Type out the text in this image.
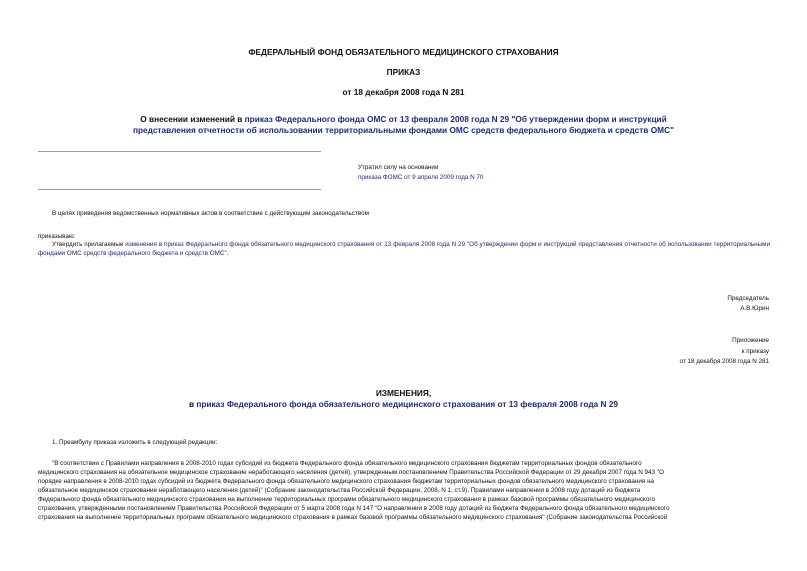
ФЕДЕРАЛЬНЫЙ ФОНД ОБЯЗАТЕЛЬНОГО МЕДИЦИНСКОГО СТРАХОВАНИЯ
ПРИКАЗ
от 18 декабря 2008 года N 281
О внесении изменений в приказ Федерального фонда ОМС от 13 февраля 2008 года N 29 "Об утверждении форм и инструкций
представления отчетности об использовании территориальными фондами ОМС средств федерального бюджета и средств ОМС"
Утратил силу на основании
приказа ФОМС от 9 апреля 2009 года N 70
В целях приведения ведомственных нормативных актов в соответствие с действующим законодательством
приказываю:
Утвердить прилагаемые изменения в приказ Федерального фонда обязательного медицинского страхования от 13 февраля 2008 года N 29 "Об утверждении форм и инструкций представления отчетности об использовании территориальными фондами ОМС средств федерального бюджета и средств ОМС".
Председатель
А.В.Юрин
Приложение
к приказу
от 18 декабря 2008 года N 281
ИЗМЕНЕНИЯ,
в приказ Федерального фонда обязательного медицинского страхования от 13 февраля 2008 года N 29
1. Преамбулу приказа изложить в следующей редакции:
"В соответствии с Правилами направления в 2008-2010 годах субсидий из бюджета Федерального фонда обязательного медицинского страхования бюджетам территориальных фондов обязательного
медицинского страхования на обязательное медицинское страхование неработающего населения (детей), утвержденным постановлением Правительства Российской Федерации от 29 декабря 2007 года N 943 "О
порядке направления в 2008-2010 годах субсидий из бюджета Федерального фонда обязательного медицинского страхования бюджетам территориальных фондов обязательного медицинского страхования на
обязательное медицинское страхование неработающего населения (детей)" (Собрание законодательства Российской Федерации, 2008, N 1, ст.9), Правилами направления в 2008 году дотаций из бюджета
Федерального фонда обязательного медицинского страхования на выполнение территориальных программ обязательного медицинского страхования в рамках базовой программы обязательного медицинского
страхования, утвержденными постановлением Правительства Российской Федерации от 5 марта 2008 года N 147 "О направлении в 2008 году дотаций из бюджета Федерального фонда обязательного медицинского
страхования на выполнение территориальных программ обязательного медицинского страхования в рамках базовой программы обязательного медицинского страхования" (Собрание законодательства Российской
